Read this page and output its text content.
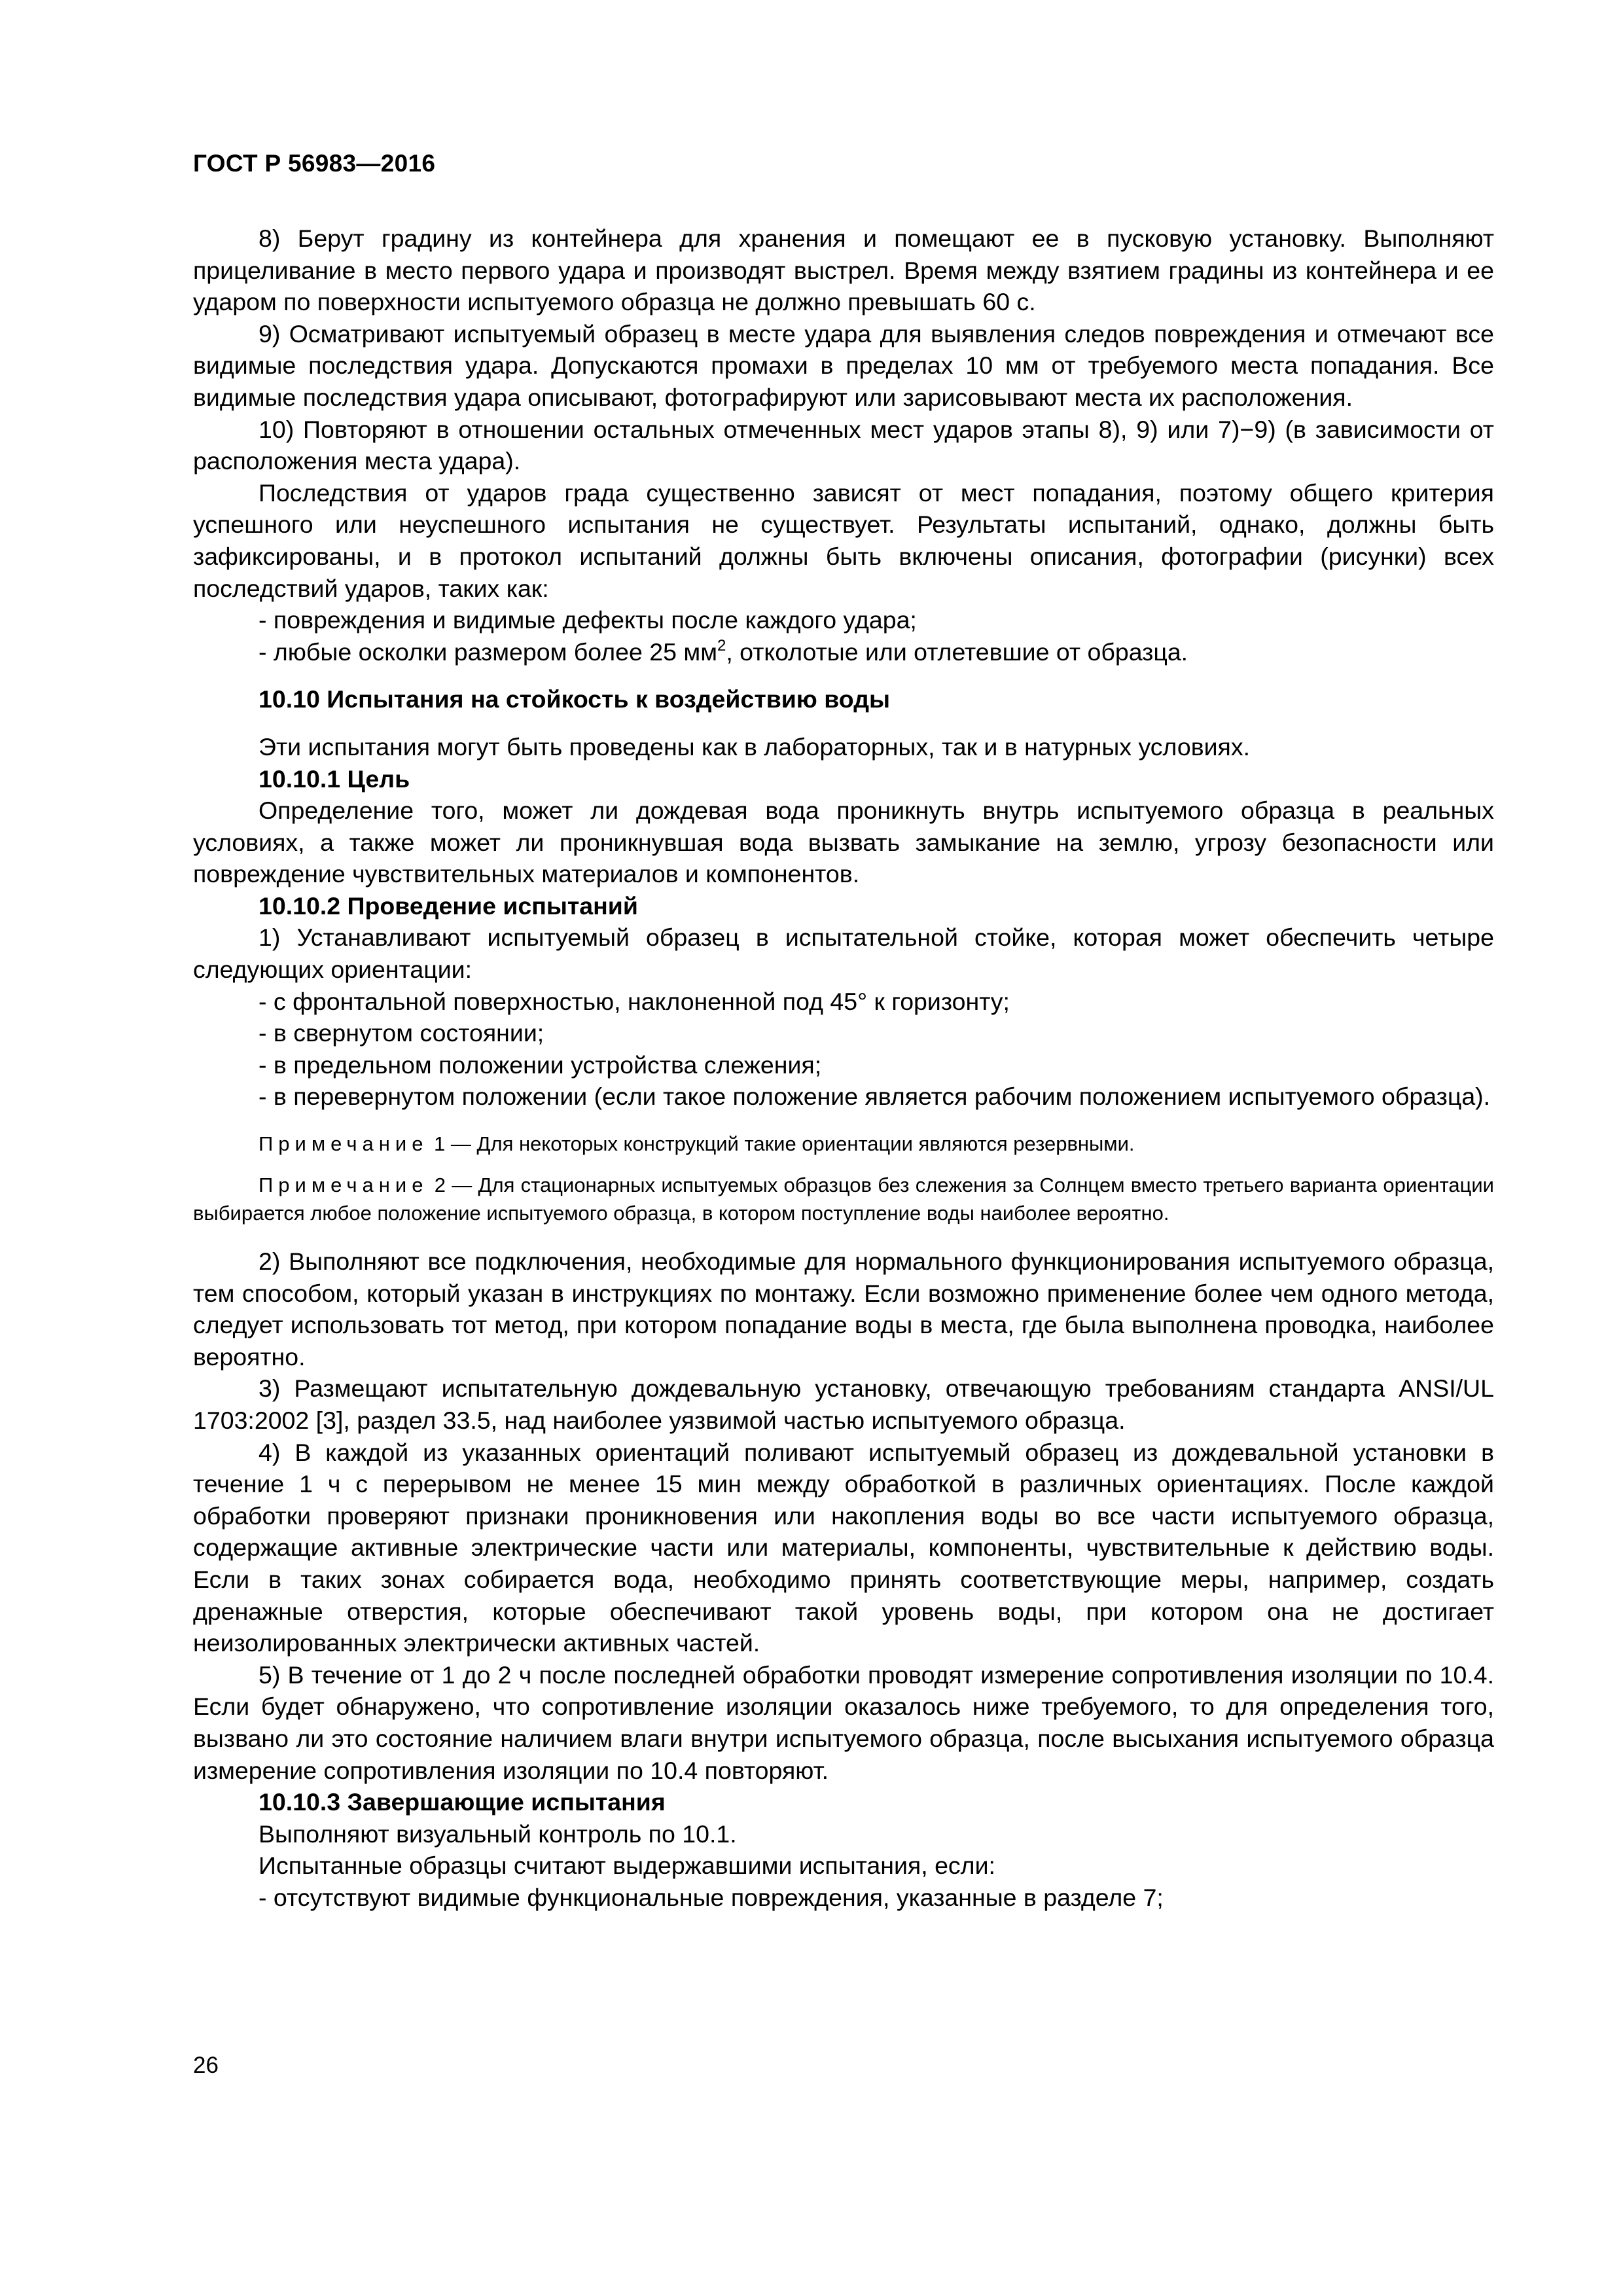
ГОСТ Р 56983—2016

8) Берут градину из контейнера для хранения и помещают ее в пусковую установку. Выполняют прицеливание в место первого удара и производят выстрел. Время между взятием градины из контейнера и ее ударом по поверхности испытуемого образца не должно превышать 60 с.

9) Осматривают испытуемый образец в месте удара для выявления следов повреждения и отмечают все видимые последствия удара. Допускаются промахи в пределах 10 мм от требуемого места попадания. Все видимые последствия удара описывают, фотографируют или зарисовывают места их расположения.

10) Повторяют в отношении остальных отмеченных мест ударов этапы 8), 9) или 7)−9) (в зависимости от расположения места удара).

Последствия от ударов града существенно зависят от мест попадания, поэтому общего критерия успешного или неуспешного испытания не существует. Результаты испытаний, однако, должны быть зафиксированы, и в протокол испытаний должны быть включены описания, фотографии (рисунки) всех последствий ударов, таких как:

- повреждения и видимые дефекты после каждого удара;

- любые осколки размером более 25 $мм^2$, отколотые или отлетевшие от образца.

10.10 Испытания на стойкость к воздействию воды

Эти испытания могут быть проведены как в лабораторных, так и в натурных условиях.

10.10.1 Цель

Определение того, может ли дождевая вода проникнуть внутрь испытуемого образца в реальных условиях, а также может ли проникнувшая вода вызвать замыкание на землю, угрозу безопасности или повреждение чувствительных материалов и компонентов.

10.10.2 Проведение испытаний

1) Устанавливают испытуемый образец в испытательной стойке, которая может обеспечить четыре следующих ориентации:

- с фронтальной поверхностью, наклоненной под 45° к горизонту;

- в свернутом состоянии;

- в предельном положении устройства слежения;

- в перевернутом положении (если такое положение является рабочим положением испытуемого образца).

Примечание 1 — Для некоторых конструкций такие ориентации являются резервными.

Примечание 2 — Для стационарных испытуемых образцов без слежения за Солнцем вместо третьего варианта ориентации выбирается любое положение испытуемого образца, в котором поступление воды наиболее вероятно.

2) Выполняют все подключения, необходимые для нормального функционирования испытуемого образца, тем способом, который указан в инструкциях по монтажу. Если возможно применение более чем одного метода, следует использовать тот метод, при котором попадание воды в места, где была выполнена проводка, наиболее вероятно.

3) Размещают испытательную дождевальную установку, отвечающую требованиям стандарта ANSI/UL 1703:2002 [3], раздел 33.5, над наиболее уязвимой частью испытуемого образца.

4) В каждой из указанных ориентаций поливают испытуемый образец из дождевальной установки в течение 1 ч с перерывом не менее 15 мин между обработкой в различных ориентациях. После каждой обработки проверяют признаки проникновения или накопления воды во все части испытуемого образца, содержащие активные электрические части или материалы, компоненты, чувствительные к действию воды. Если в таких зонах собирается вода, необходимо принять соответствующие меры, например, создать дренажные отверстия, которые обеспечивают такой уровень воды, при котором она не достигает неизолированных электрически активных частей.

5) В течение от 1 до 2 ч после последней обработки проводят измерение сопротивления изоляции по 10.4. Если будет обнаружено, что сопротивление изоляции оказалось ниже требуемого, то для определения того, вызвано ли это состояние наличием влаги внутри испытуемого образца, после высыхания испытуемого образца измерение сопротивления изоляции по 10.4 повторяют.

10.10.3 Завершающие испытания

Выполняют визуальный контроль по 10.1.

Испытанные образцы считают выдержавшими испытания, если:

- отсутствуют видимые функциональные повреждения, указанные в разделе 7;

26
